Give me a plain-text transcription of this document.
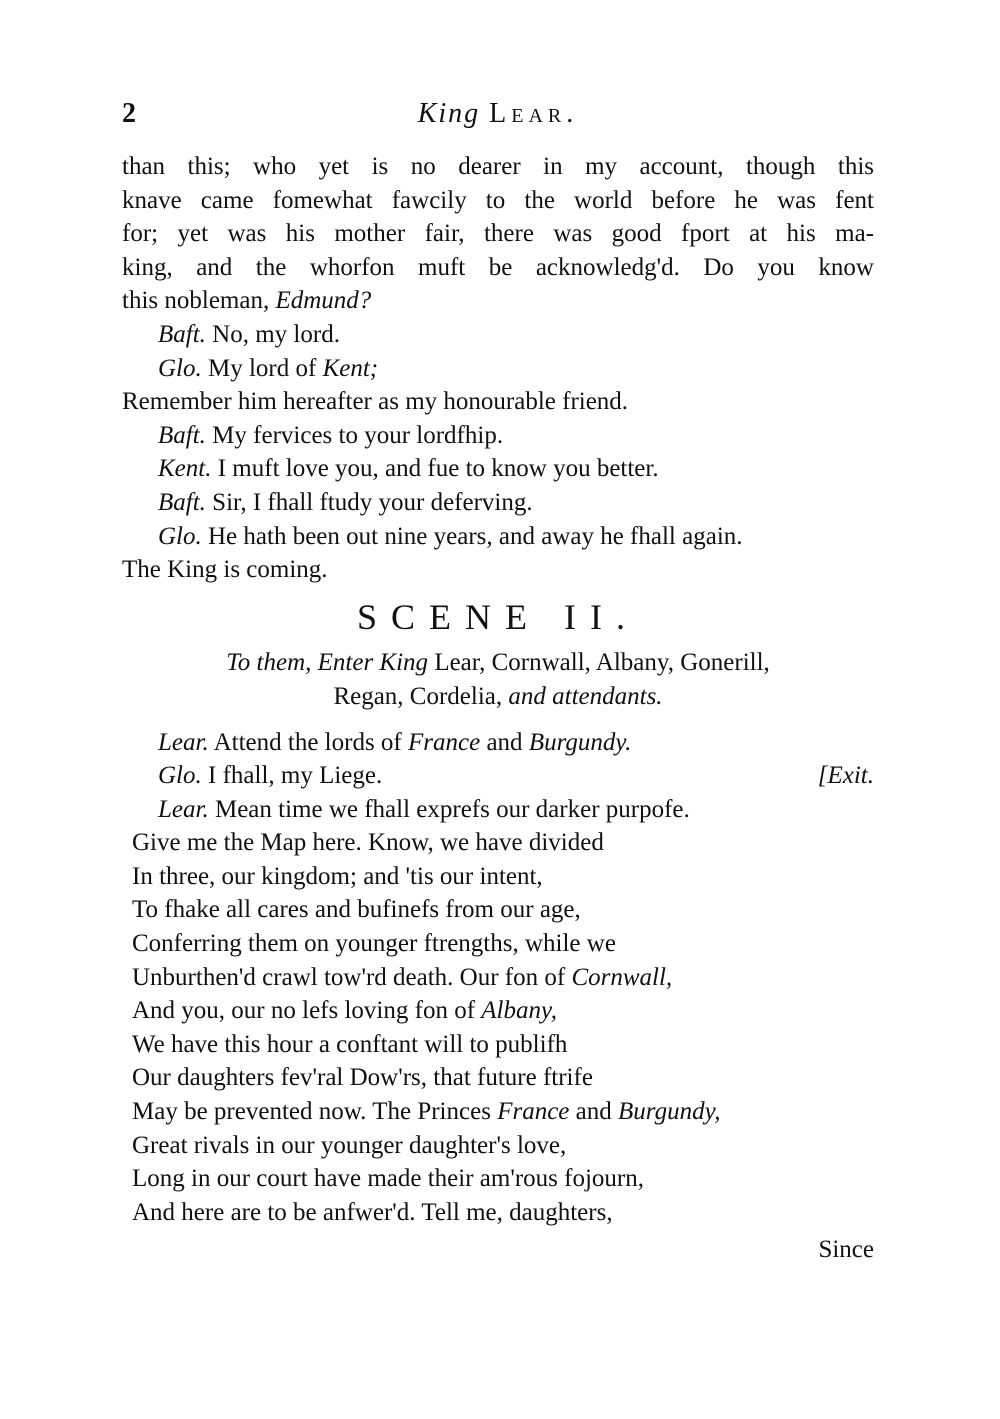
2	King Lear.
than this; who yet is no dearer in my account, though this
knave came fomewhat fawcily to the world before he was fent
for; yet was his mother fair, there was good fport at his ma-
king, and the whorfon muft be acknowledg'd. Do you know
this nobleman, Edmund?
Baft. No, my lord.
Glo. My lord of Kent;
Remember him hereafter as my honourable friend.
Baft. My fervices to your lordfhip.
Kent. I muft love you, and fue to know you better.
Baft. Sir, I fhall ftudy your deferving.
Glo. He hath been out nine years, and away he fhall again.
The King is coming.
SCENE II.
To them, Enter King Lear, Cornwall, Albany, Gonerill,
Regan, Cordelia, and attendants.
Lear. Attend the lords of France and Burgundy.
Glo. I fhall, my Liege.	[Exit.
Lear. Mean time we fhall exprefs our darker purpofe.
Give me the Map here. Know, we have divided
In three, our kingdom; and 'tis our intent,
To fhake all cares and bufinefs from our age,
Conferring them on younger ftrengths, while we
Unburthen'd crawl tow'rd death. Our fon of Cornwall,
And you, our no lefs loving fon of Albany,
We have this hour a conftant will to publifh
Our daughters fev'ral Dow'rs, that future ftrife
May be prevented now. The Princes France and Burgundy,
Great rivals in our younger daughter's love,
Long in our court have made their am'rous fojourn,
And here are to be anfwer'd. Tell me, daughters,
Since
